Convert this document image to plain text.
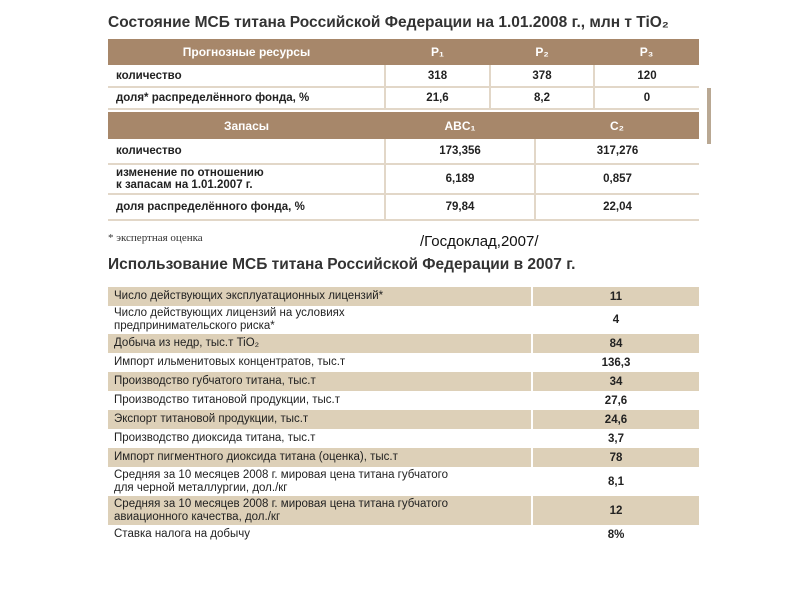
Состояние МСБ титана Российской Федерации на 1.01.2008 г., млн т TiO₂
Прогнозные ресурсы	P₁	P₂	P₃
количество	318	378	120
доля* распределённого фонда, %	21,6	8,2	0
Запасы	ABC₁	C₂
количество	173,356	317,276
изменение по отношению
к запасам на 1.01.2007 г.	6,189	0,857
доля распределённого фонда, %	79,84	22,04
* экспертная оценка	/Госдоклад,2007/
Использование МСБ титана Российской Федерации в 2007 г.
Число действующих эксплуатационных лицензий*	11
Число действующих лицензий на условиях
предпринимательского риска*	4
Добыча из недр, тыс.т TiO₂	84
Импорт ильменитовых концентратов, тыс.т	136,3
Производство губчатого титана, тыс.т	34
Производство титановой продукции, тыс.т	27,6
Экспорт титановой продукции, тыс.т	24,6
Производство диоксида титана, тыс.т	3,7
Импорт пигментного диоксида титана (оценка), тыс.т	78
Средняя за 10 месяцев 2008 г. мировая цена титана губчатого
для черной металлургии, дол./кг	8,1
Средняя за 10 месяцев 2008 г. мировая цена титана губчатого
авиационного качества, дол./кг	12
Ставка налога на добычу	8%
